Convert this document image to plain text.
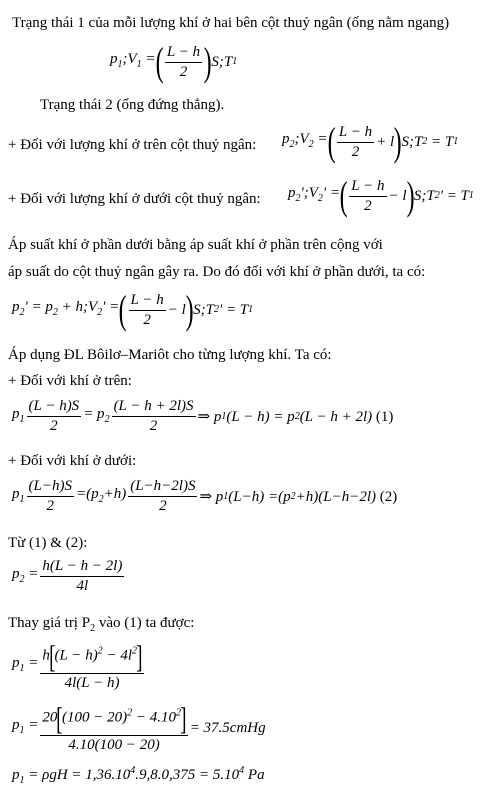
Trạng thái 1 của mỗi lượng khí ở hai bên cột thuỷ ngân (ống nằm ngang)
$p_1;V_1$ = ( $\frac{L - h}{2}$ ) S;T 1
Trạng thái 2 (ống đứng thẳng).
+ Đối với lượng khí ở trên cột thuỷ ngân: $p_2;V_2$ = ( $\frac{L - h}{2} + l$ ) S;T 2
= T 1
+ Đối với lượng khí ở dưới cột thuỷ ngân: $p_2';V_2'$ = ( $\frac{L - h}{2} - l$ ) S;T 2 ' = T 1
Áp suất khí ở phần dưới bằng áp suất khí ở phần trên cộng với
áp suất do cột thuỷ ngân gây ra. Do đó đối với khí ở phần dưới, ta có:
$p_2' = p_2$ + $h;V_2'$ = ( $\frac{L - h}{2} - l$ ) S;T 2 ' = T 1
Áp dụng ĐL Bôilơ–Mariôt cho từng lượng khí. Ta có:
+ Đối với khí ở trên:
$p_1 \frac{(L - h)S}{2} = p_2 \frac{(L - h + 2l)S}{2}$ ⇒ p 1 (L − h) = p 2 (L − h + 2l)
(1)
+ Đối với khí ở dưới:
$p_1 \frac{(L-h)S}{2} =(p_2+h) \frac{(L-h-2l)S}{2}$ ⇒ p 1 (L−h) =(p 2 +h)(L−h−2l)
(2)
Từ (1) & (2):
$p_2 = \frac{h(L - h - 2l)}{4l}$
Thay giá trị $P_2$ vào (1) ta được:
$p_1 = \frac{h[(L - h)^2 - 4l^2]}{4l(L - h)}$
$p_1 = \frac{20[(100 - 20)^2 - 4.10^2]}{4.10(100 - 20)}$ = 37.5cmHg
$p_1 = \rho gH = 1,36.10^4.9,8.0,375 = 5.10^4$ Pa
